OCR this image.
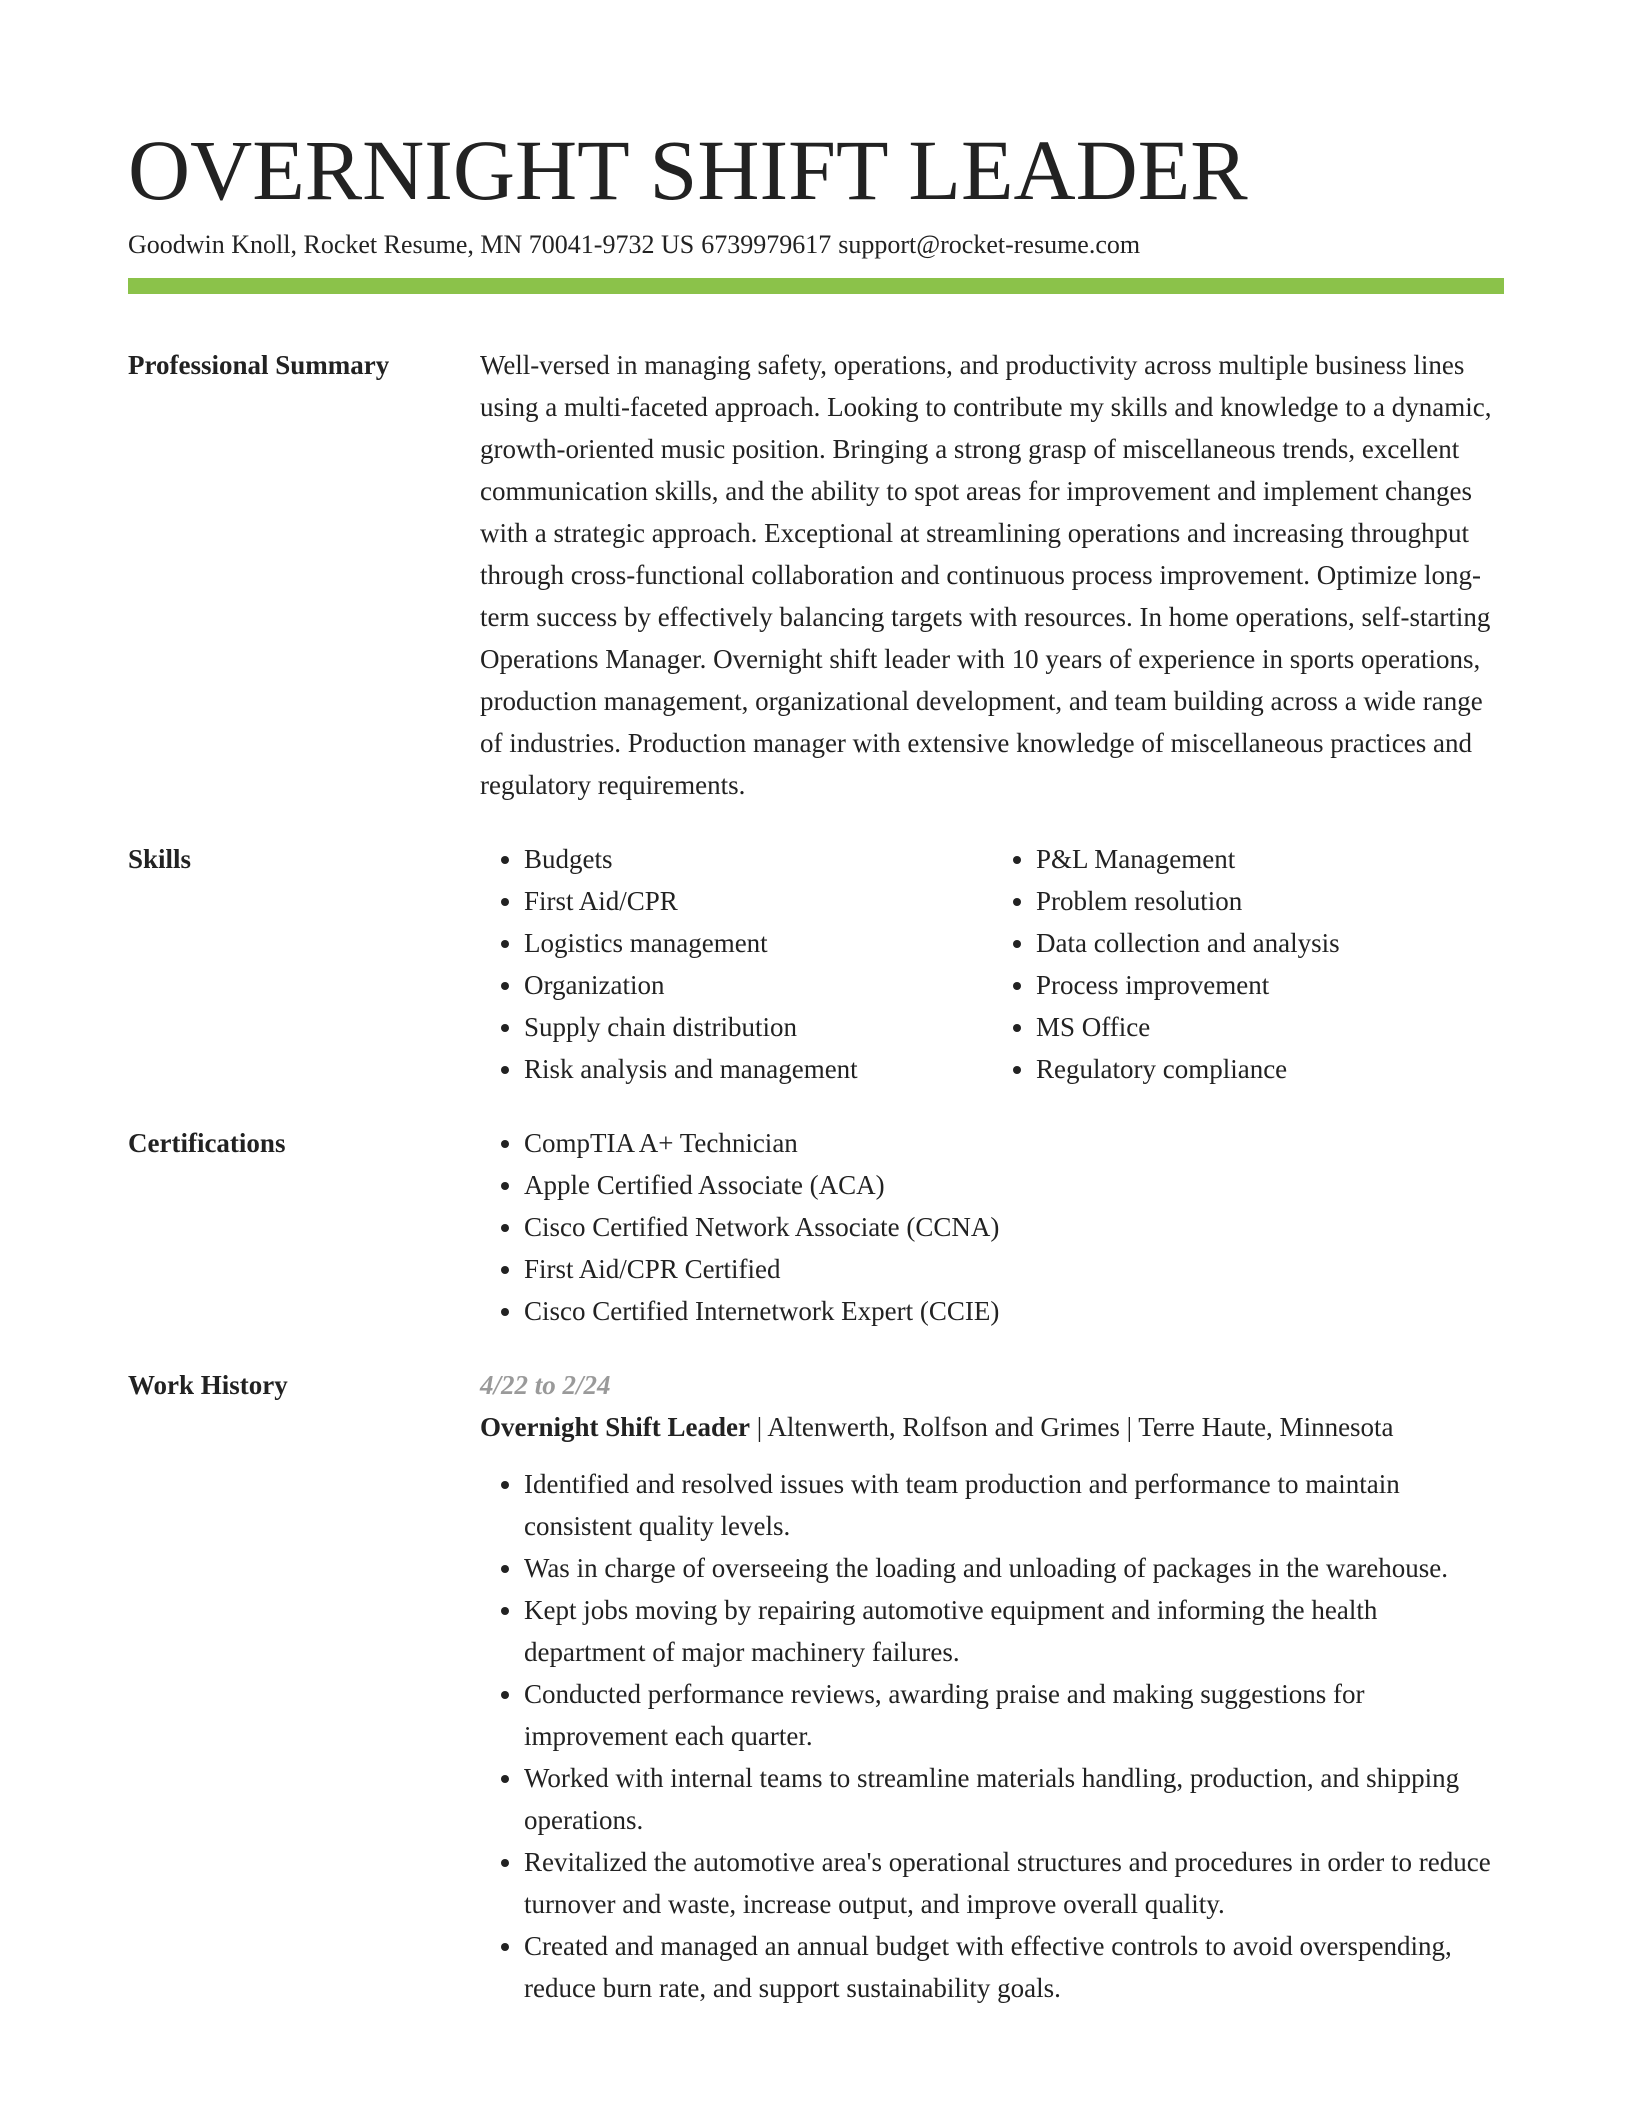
OVERNIGHT SHIFT LEADER
Goodwin Knoll, Rocket Resume, MN 70041-9732 US 6739979617 support@rocket-resume.com
Professional Summary	Well-versed in managing safety, operations, and productivity across multiple business lines using a multi-faceted approach. Looking to contribute my skills and knowledge to a dynamic, growth-oriented music position. Bringing a strong grasp of miscellaneous trends, excellent communication skills, and the ability to spot areas for improvement and implement changes with a strategic approach. Exceptional at streamlining operations and increasing throughput through cross-functional collaboration and continuous process improvement. Optimize long-term success by effectively balancing targets with resources. In home operations, self-starting Operations Manager. Overnight shift leader with 10 years of experience in sports operations, production management, organizational development, and team building across a wide range of industries. Production manager with extensive knowledge of miscellaneous practices and regulatory requirements.
Skills	• Budgets
• First Aid/CPR
• Logistics management
• Organization
• Supply chain distribution
• Risk analysis and management
• P&L Management
• Problem resolution
• Data collection and analysis
• Process improvement
• MS Office
• Regulatory compliance
Certifications	• CompTIA A+ Technician
• Apple Certified Associate (ACA)
• Cisco Certified Network Associate (CCNA)
• First Aid/CPR Certified
• Cisco Certified Internetwork Expert (CCIE)
Work History	4/22 to 2/24
Overnight Shift Leader | Altenwerth, Rolfson and Grimes | Terre Haute, Minnesota
• Identified and resolved issues with team production and performance to maintain consistent quality levels.
• Was in charge of overseeing the loading and unloading of packages in the warehouse.
• Kept jobs moving by repairing automotive equipment and informing the health department of major machinery failures.
• Conducted performance reviews, awarding praise and making suggestions for improvement each quarter.
• Worked with internal teams to streamline materials handling, production, and shipping operations.
• Revitalized the automotive area's operational structures and procedures in order to reduce turnover and waste, increase output, and improve overall quality.
• Created and managed an annual budget with effective controls to avoid overspending, reduce burn rate, and support sustainability goals.
